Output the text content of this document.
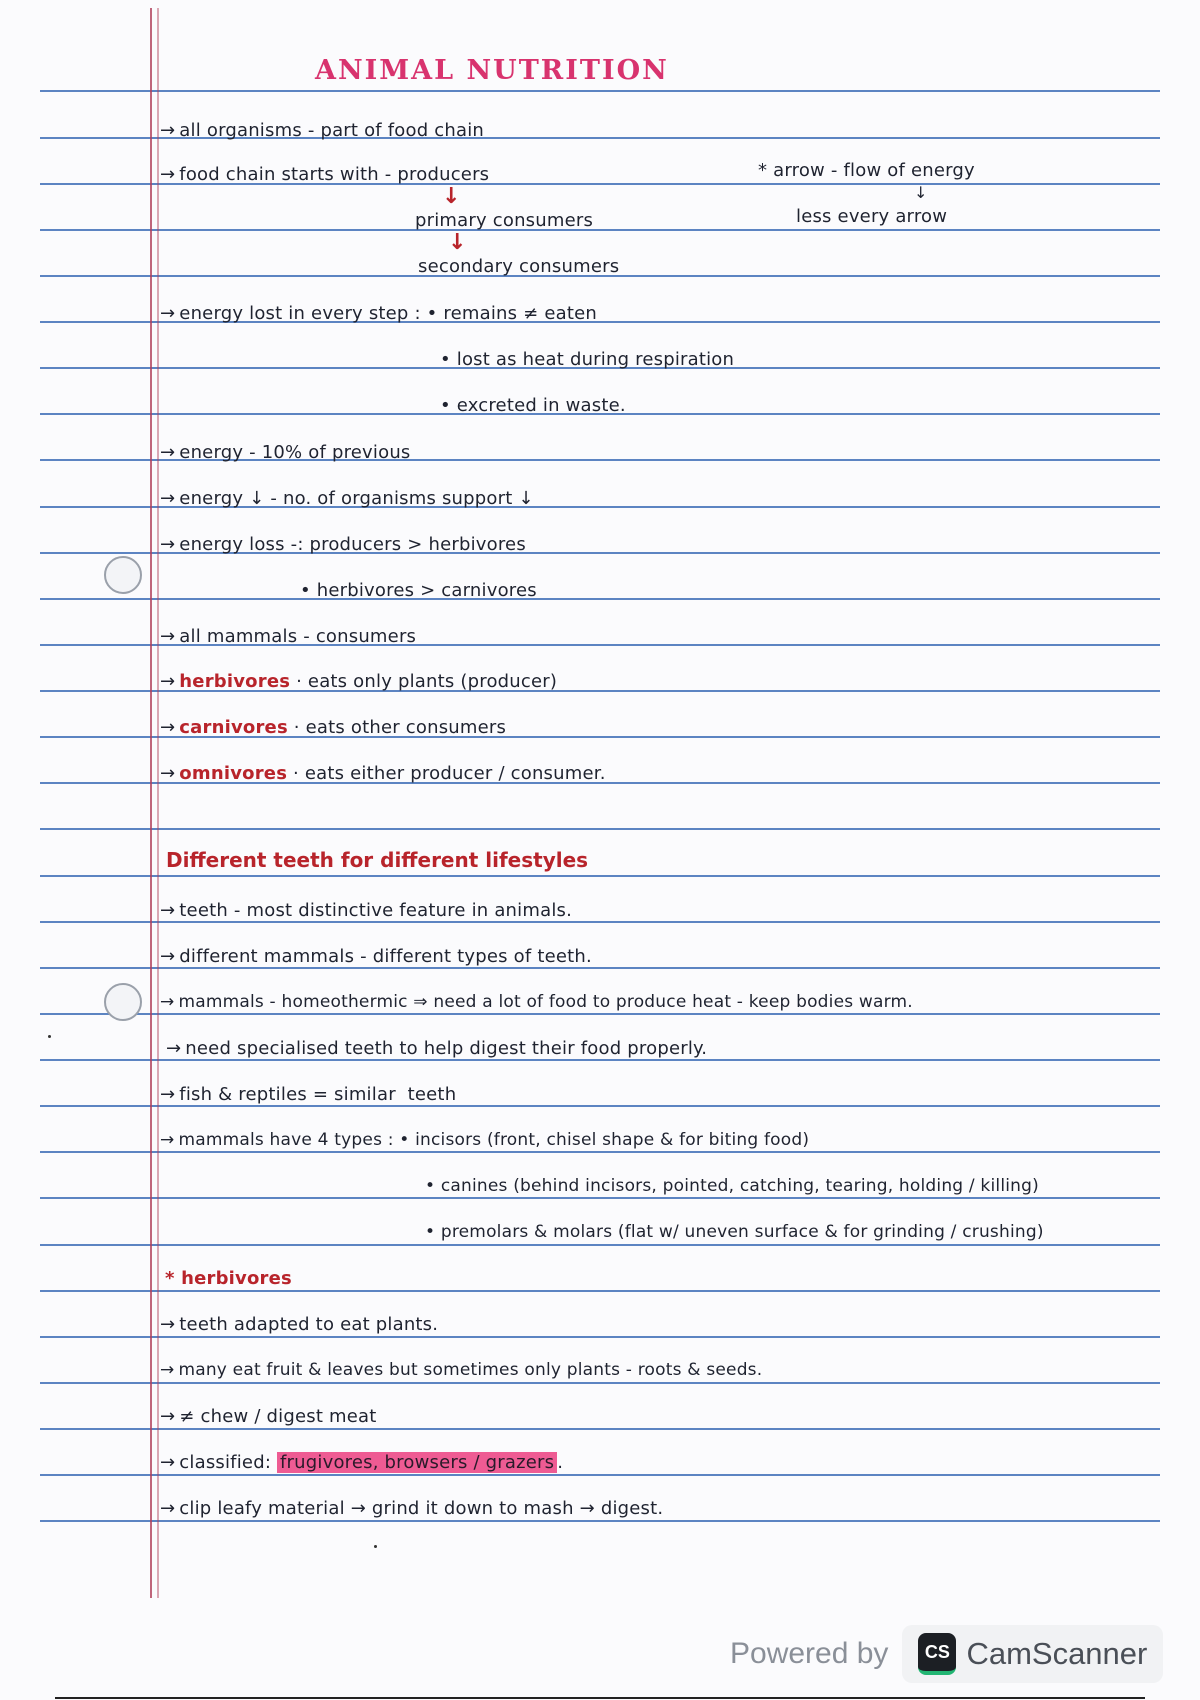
ANIMAL NUTRITION
→ all organisms - part of food chain
→ food chain starts with - producers
↓
primary consumers
↓
secondary consumers
* arrow - flow of energy
↓
less every arrow
→ energy lost in every step : • remains ≠ eaten
• lost as heat during respiration
• excreted in waste.
→ energy - 10% of previous
→ energy ↓ - no. of organisms support ↓
→ energy loss -: producers > herbivores
• herbivores > carnivores
→ all mammals - consumers
→ herbivores · eats only plants (producer)
→ carnivores · eats other consumers
→ omnivores · eats either producer / consumer.
Different teeth for different lifestyles
→ teeth - most distinctive feature in animals.
→ different mammals - different types of teeth.
→ mammals - homeothermic ⇒ need a lot of food to produce heat - keep bodies warm.
→ need specialised teeth to help digest their food properly.
→ fish & reptiles = similar  teeth
→ mammals have 4 types : • incisors (front, chisel shape & for biting food)
• canines (behind incisors, pointed, catching, tearing, holding / killing)
• premolars & molars (flat w/ uneven surface & for grinding / crushing)
* herbivores
→ teeth adapted to eat plants.
→ many eat fruit & leaves but sometimes only plants - roots & seeds.
→ ≠ chew / digest meat
→ classified: frugivores, browsers / grazers .
→ clip leafy material → grind it down to mash → digest.
Powered by	CS CamScanner
